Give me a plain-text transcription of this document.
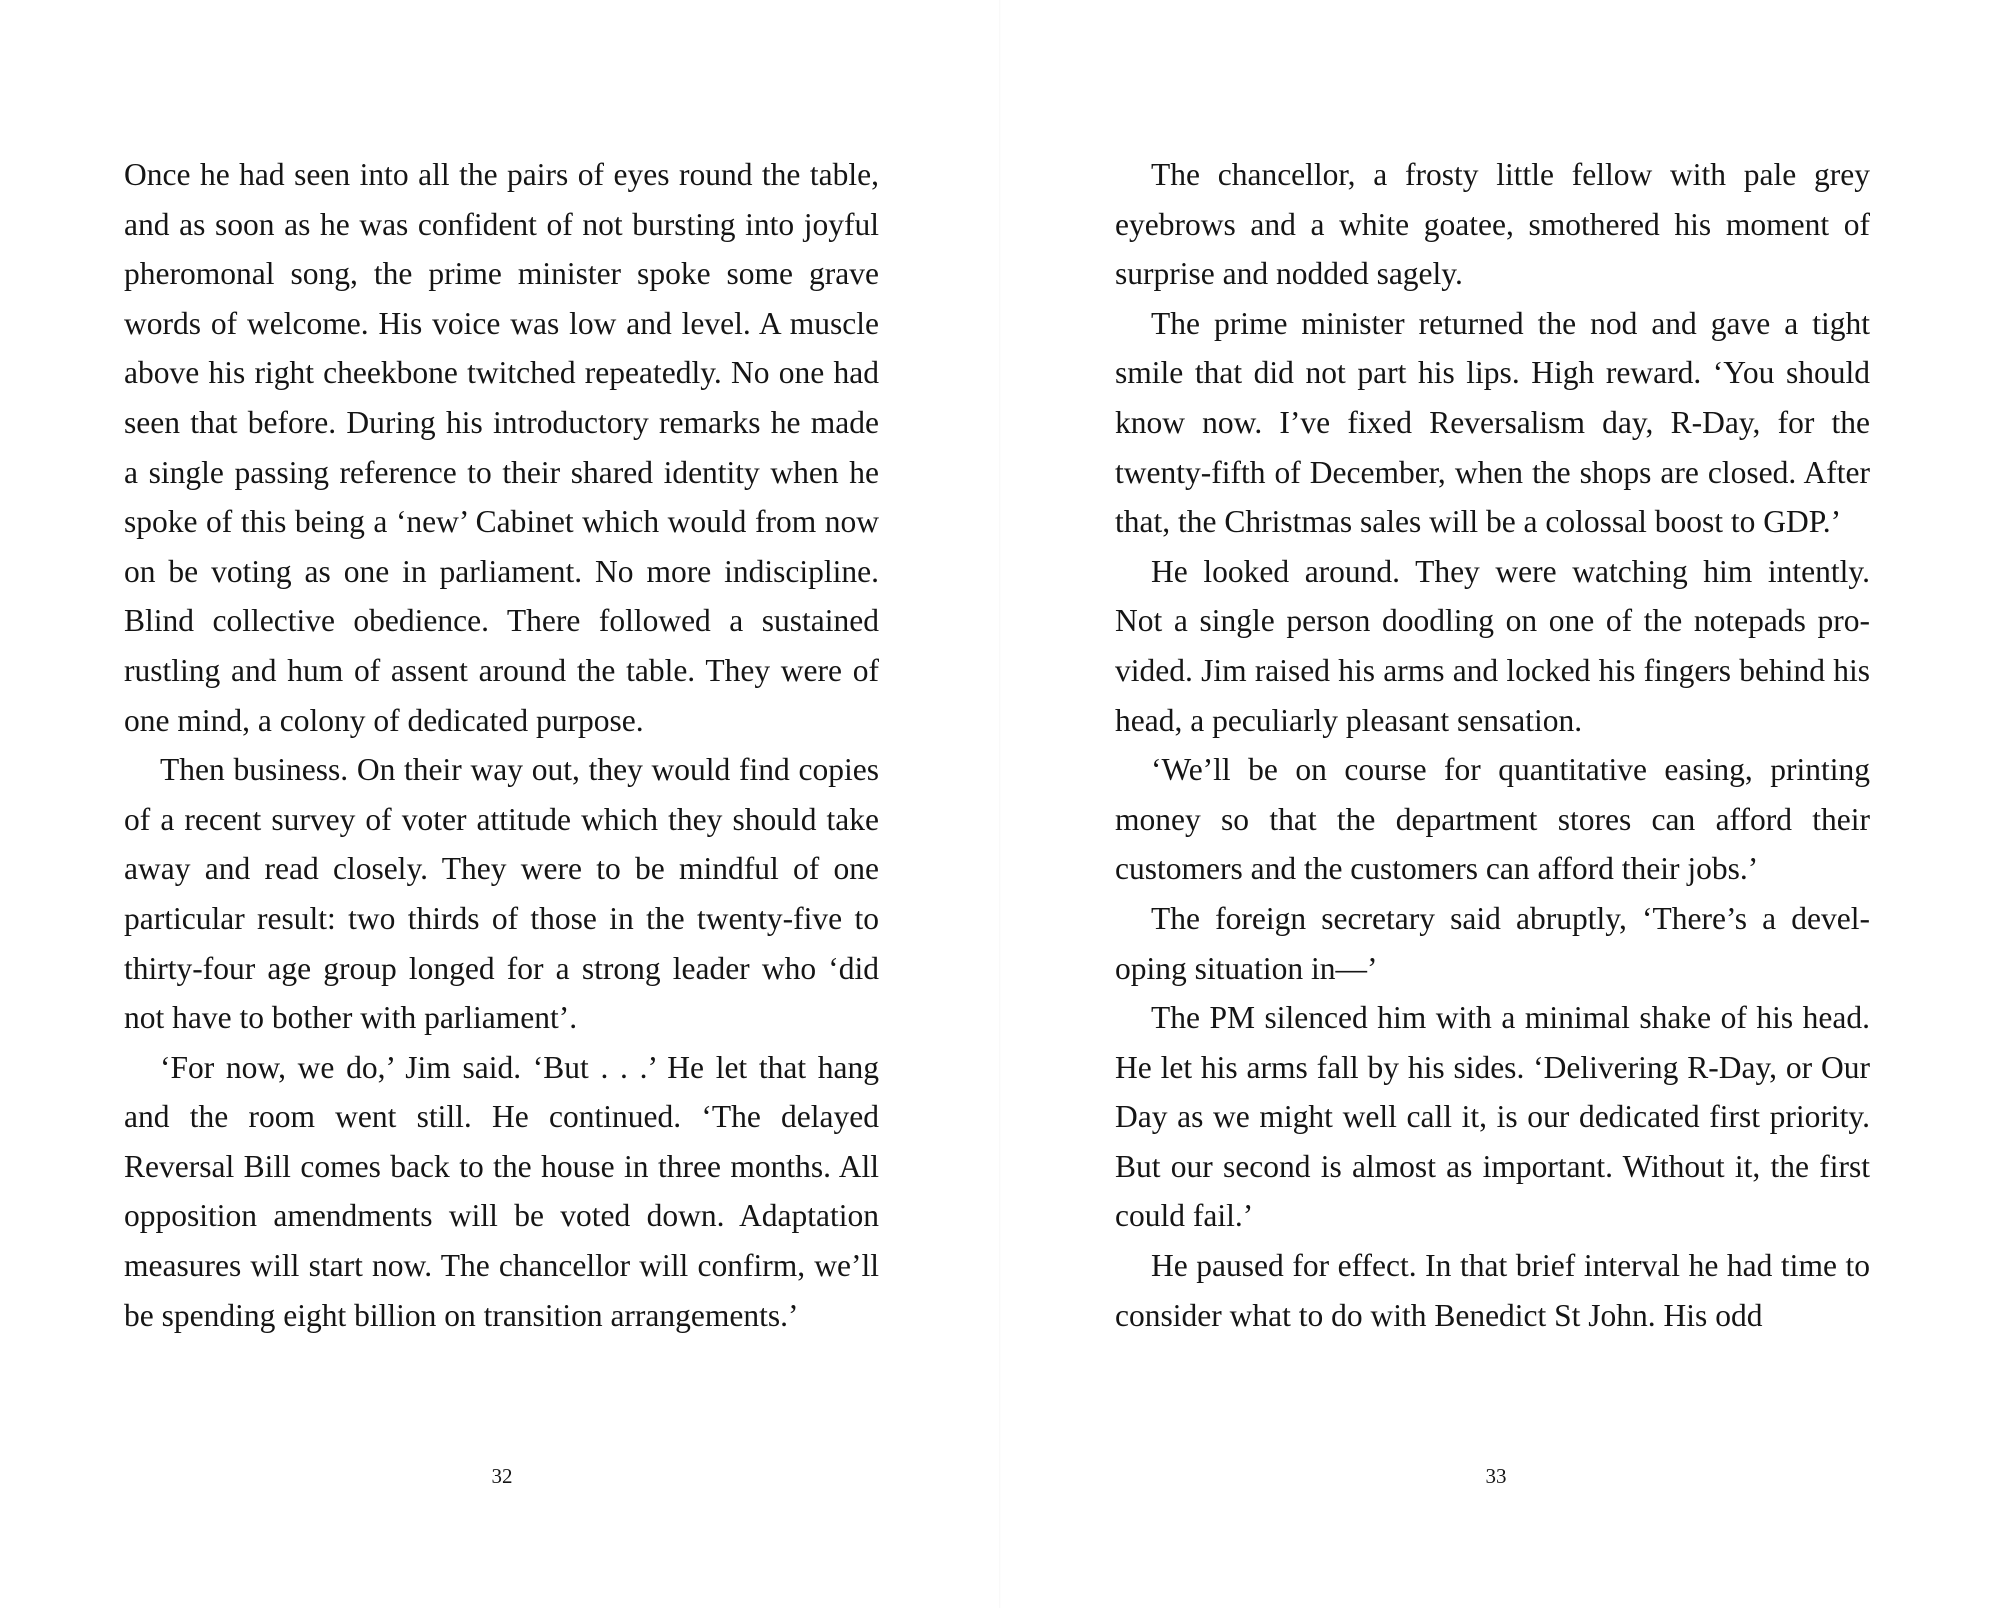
Once he had seen into all the pairs of eyes round the table, and as soon as he was confident of not bursting into joyful pheromonal song, the prime minister spoke some grave words of welcome. His voice was low and level. A muscle above his right cheekbone twitched repeatedly. No one had seen that before. During his introductory remarks he made a single passing reference to their shared identity when he spoke of this being a ‘new’ Cabinet which would from now on be voting as one in parliament. No more indiscipline. Blind collective obedience. There followed a sustained rustling and hum of assent around the table. They were of one mind, a colony of dedicated purpose.

Then business. On their way out, they would find copies of a recent survey of voter attitude which they should take away and read closely. They were to be mindful of one particular result: two thirds of those in the twenty-five to thirty-four age group longed for a strong leader who ‘did not have to bother with parliament’.

‘For now, we do,’ Jim said. ‘But . . .’ He let that hang and the room went still. He continued. ‘The delayed Reversal Bill comes back to the house in three months. All opposition amendments will be voted down. Adaptation measures will start now. The chancellor will confirm, we’ll be spending eight billion on transition arrangements.’

32

The chancellor, a frosty little fellow with pale grey eyebrows and a white goatee, smothered his moment of surprise and nodded sagely.

The prime minister returned the nod and gave a tight smile that did not part his lips. High reward. ‘You should know now. I’ve fixed Reversalism day, R-Day, for the twenty-fifth of December, when the shops are closed. After that, the Christmas sales will be a colossal boost to GDP.’

He looked around. They were watching him intently. Not a single person doodling on one of the notepads provided. Jim raised his arms and locked his fingers behind his head, a peculiarly pleasant sensation.

‘We’ll be on course for quantitative easing, printing money so that the department stores can afford their customers and the customers can afford their jobs.’

The foreign secretary said abruptly, ‘There’s a developing situation in—’

The PM silenced him with a minimal shake of his head. He let his arms fall by his sides. ‘Delivering R-Day, or Our Day as we might well call it, is our dedicated first priority. But our second is almost as important. Without it, the first could fail.’

He paused for effect. In that brief interval he had time to consider what to do with Benedict St John. His odd

33
